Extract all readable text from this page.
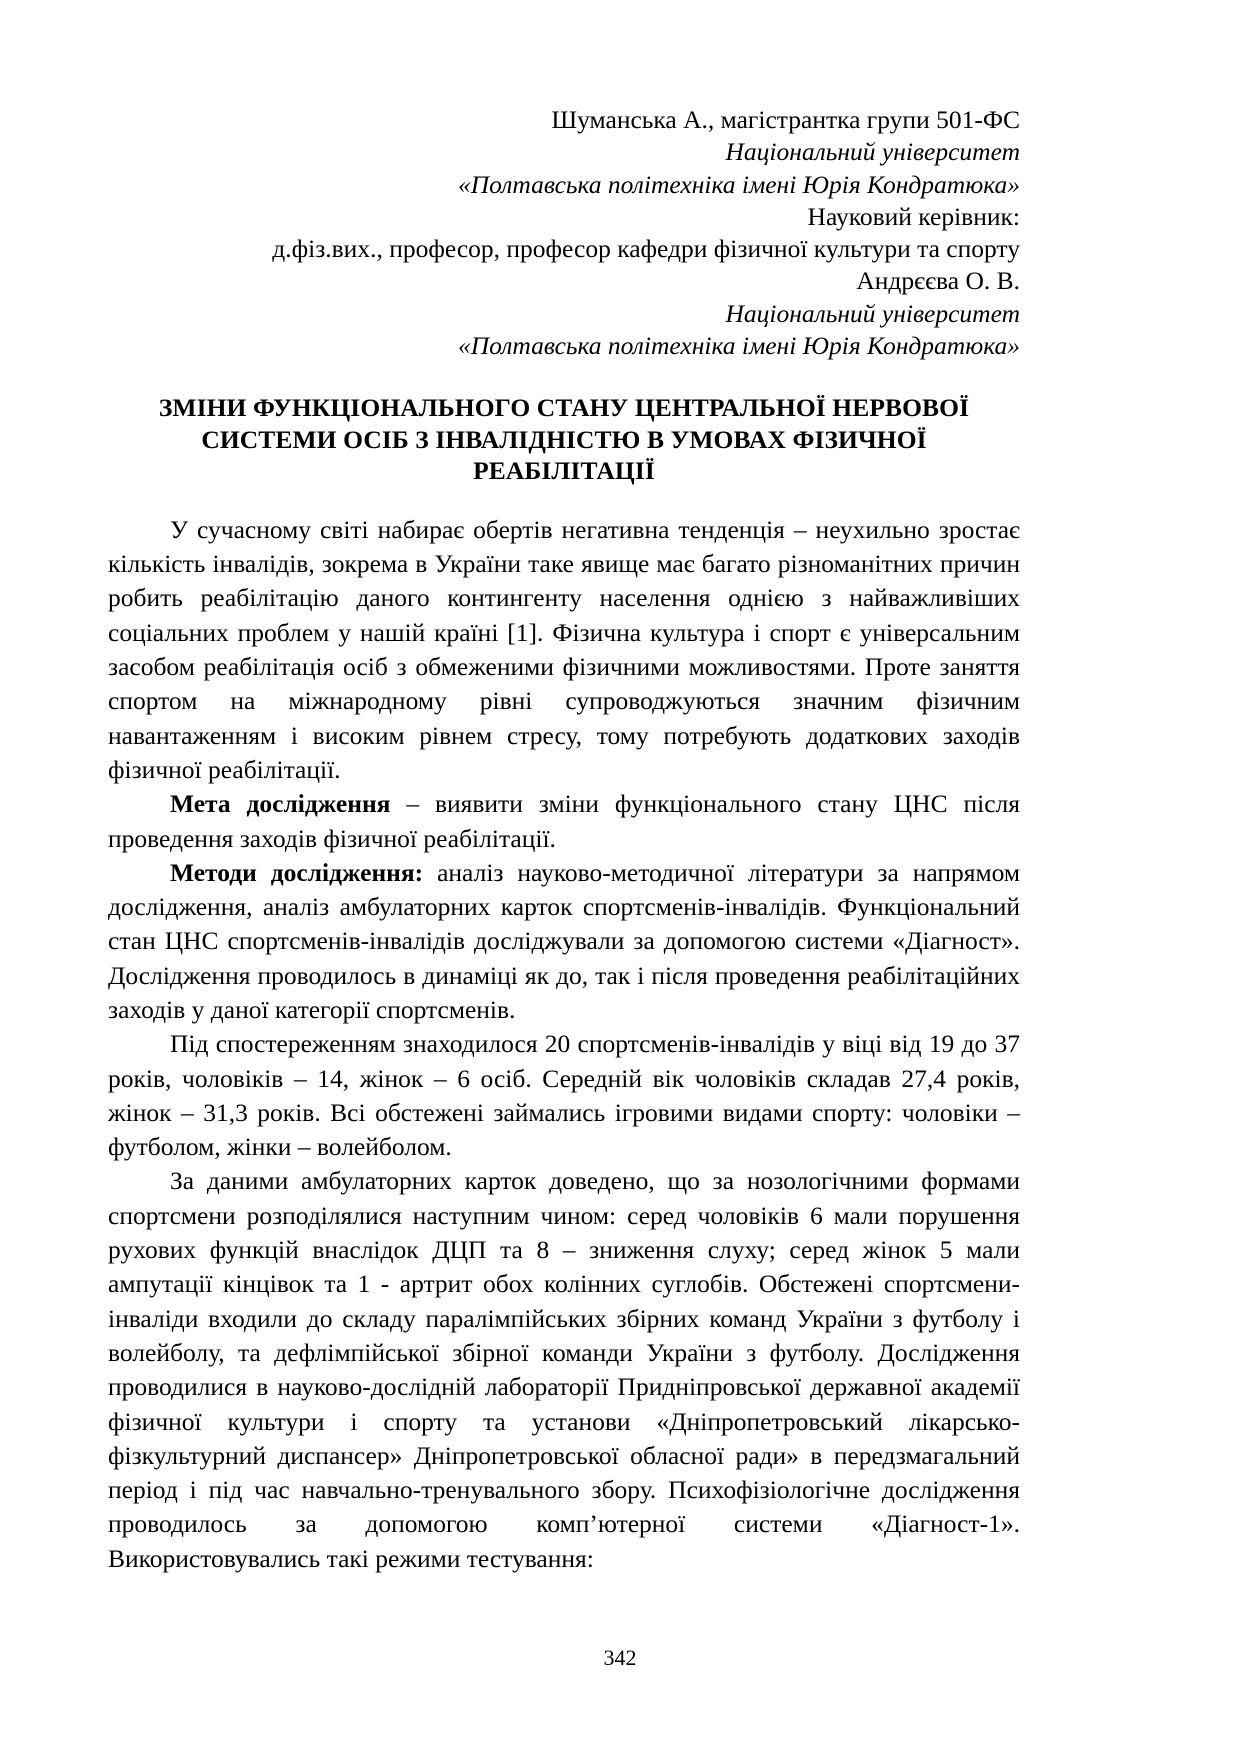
Шуманська А., магістрантка групи 501-ФС
Національний університет
«Полтавська політехніка імені Юрія Кондратюка»
Науковий керівник:
д.фіз.вих., професор, професор кафедри фізичної культури та спорту
Андрєєва О. В.
Національний університет
«Полтавська політехніка імені Юрія Кондратюка»
ЗМІНИ ФУНКЦІОНАЛЬНОГО СТАНУ ЦЕНТРАЛЬНОЇ НЕРВОВОЇ
СИСТЕМИ ОСІБ З ІНВАЛІДНІСТЮ В УМОВАХ ФІЗИЧНОЇ
РЕАБІЛІТАЦІЇ

У сучасному світі набирає обертів негативна тенденція – неухильно зростає кількість інвалідів, зокрема в України таке явище має багато різноманітних причин робить реабілітацію даного контингенту населення однією з найважливіших соціальних проблем у нашій країні [1]. Фізична культура і спорт є універсальним засобом реабілітація осіб з обмеженими фізичними можливостями. Проте заняття спортом на міжнародному рівні супроводжуються значним фізичним навантаженням і високим рівнем стресу, тому потребують додаткових заходів фізичної реабілітації.

Мета дослідження – виявити зміни функціонального стану ЦНС після проведення заходів фізичної реабілітації.

Методи дослідження: аналіз науково-методичної літератури за напрямом дослідження, аналіз амбулаторних карток спортсменів-інвалідів. Функціональний стан ЦНС спортсменів-інвалідів досліджували за допомогою системи «Діагност». Дослідження проводилось в динаміці як до, так і після проведення реабілітаційних заходів у даної категорії спортсменів.

Під спостереженням знаходилося 20 спортсменів-інвалідів у віці від 19 до 37 років, чоловіків – 14, жінок – 6 осіб. Середній вік чоловіків складав 27,4 років, жінок – 31,3 років. Всі обстежені займались ігровими видами спорту: чоловіки – футболом, жінки – волейболом.

За даними амбулаторних карток доведено, що за нозологічними формами спортсмени розподілялися наступним чином: серед чоловіків 6 мали порушення рухових функцій внаслідок ДЦП та 8 – зниження слуху; серед жінок 5 мали ампутації кінцівок та 1 - артрит обох колінних суглобів. Обстежені спортсмени-інваліди входили до складу паралімпійських збірних команд України з футболу і волейболу, та дефлімпійської збірної команди України з футболу. Дослідження проводилися в науково-дослідній лабораторії Придніпровської державної академії фізичної культури і спорту та установи «Дніпропетровський лікарсько-фізкультурний диспансер» Дніпропетровської обласної ради» в передзмагальний період і під час навчально-тренувального збору. Психофізіологічне дослідження проводилось за допомогою комп’ютерної системи «Діагност-1». Використовувались такі режими тестування:

342
